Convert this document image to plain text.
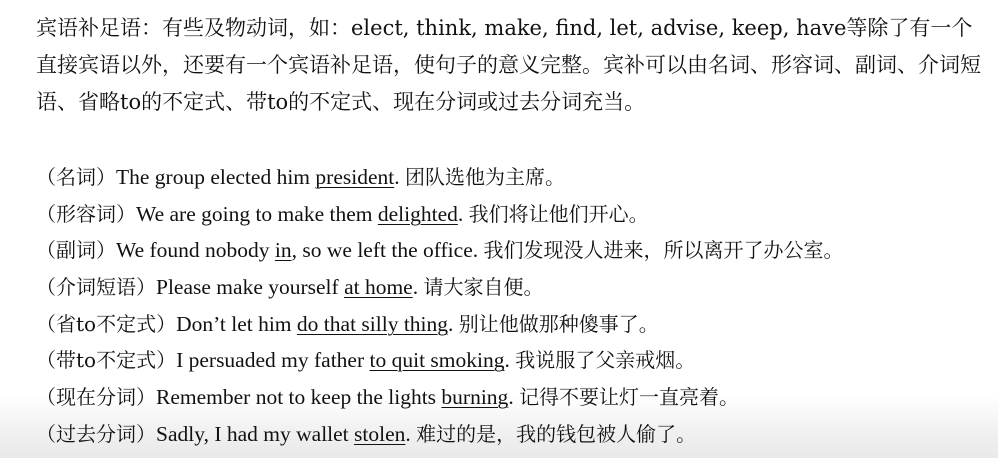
宾语补足语：有些及物动词，如：elect, think, make, find, let, advise, keep, have等除了有一个直接宾语以外，还要有一个宾语补足语，使句子的意义完整。宾补可以由名词、形容词、副词、介词短语、省略to的不定式、带to的不定式、现在分词或过去分词充当。

（名词）The group elected him president. 团队选他为主席。
（形容词）We are going to make them delighted. 我们将让他们开心。
（副词）We found nobody in, so we left the office. 我们发现没人进来，所以离开了办公室。
（介词短语）Please make yourself at home. 请大家自便。
（省to不定式）Don’t let him do that silly thing. 别让他做那种傻事了。
（带to不定式）I persuaded my father to quit smoking. 我说服了父亲戒烟。
（现在分词）Remember not to keep the lights burning. 记得不要让灯一直亮着。
（过去分词）Sadly, I had my wallet stolen. 难过的是，我的钱包被人偷了。
